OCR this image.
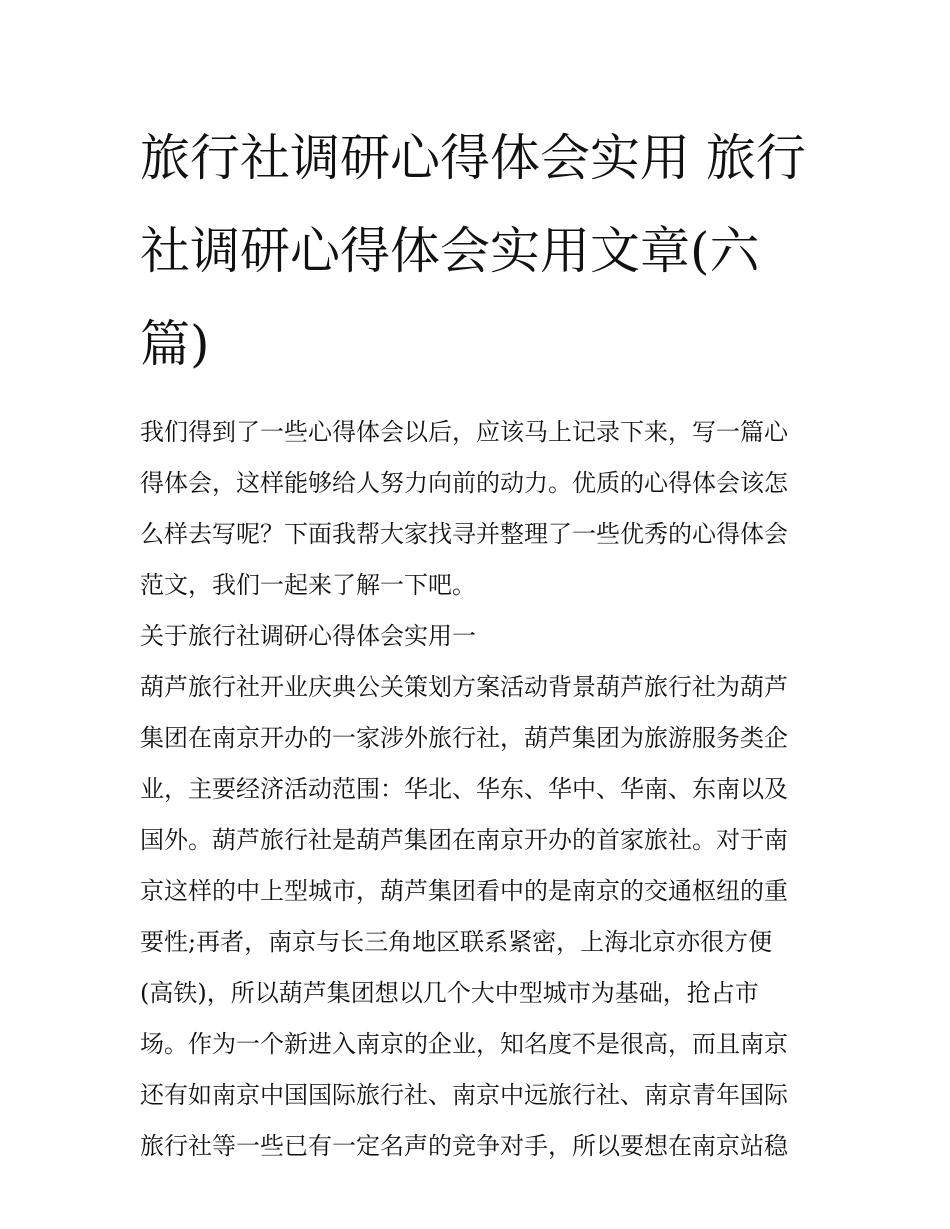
旅行社调研心得体会实用 旅行
社调研心得体会实用文章(六
篇)

我们得到了一些心得体会以后，应该马上记录下来，写一篇心
得体会，这样能够给人努力向前的动力。优质的心得体会该怎
么样去写呢？下面我帮大家找寻并整理了一些优秀的心得体会
范文，我们一起来了解一下吧。

关于旅行社调研心得体会实用一

葫芦旅行社开业庆典公关策划方案活动背景葫芦旅行社为葫芦
集团在南京开办的一家涉外旅行社，葫芦集团为旅游服务类企
业，主要经济活动范围：华北、华东、华中、华南、东南以及
国外。葫芦旅行社是葫芦集团在南京开办的首家旅社。对于南
京这样的中上型城市，葫芦集团看中的是南京的交通枢纽的重
要性;再者，南京与长三角地区联系紧密，上海北京亦很方便
(高铁)，所以葫芦集团想以几个大中型城市为基础，抢占市
场。作为一个新进入南京的企业，知名度不是很高，而且南京
还有如南京中国国际旅行社、南京中远旅行社、南京青年国际
旅行社等一些已有一定名声的竞争对手，所以要想在南京站稳
